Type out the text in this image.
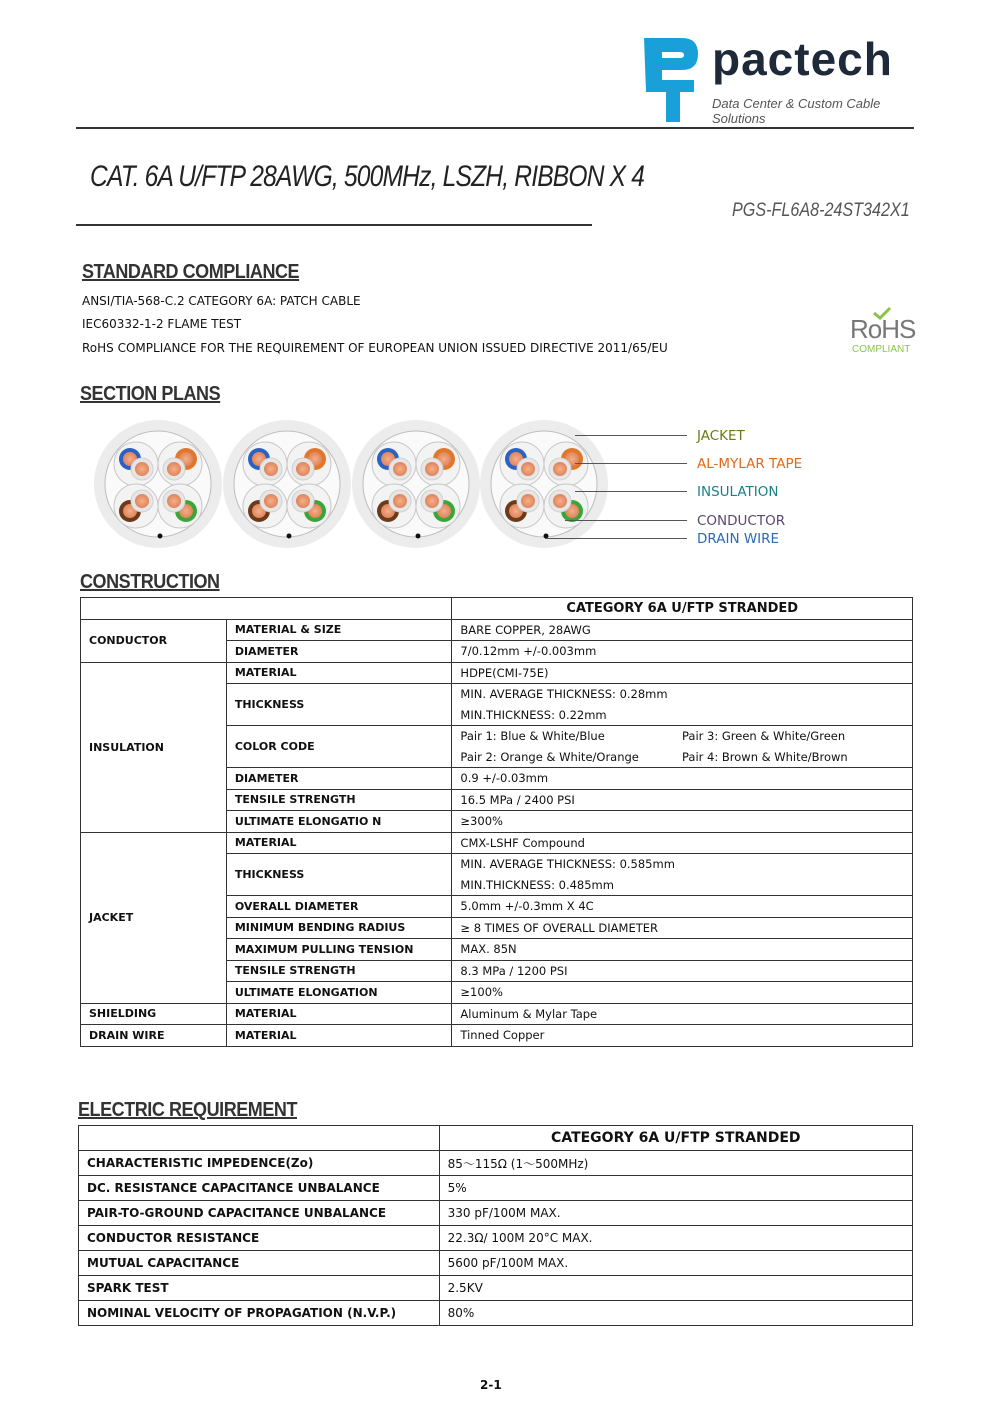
pactech
Data Center & Custom Cable Solutions
CAT. 6A U/FTP 28AWG, 500MHz, LSZH, RIBBON X 4
PGS-FL6A8-24ST342X1
STANDARD COMPLIANCE
ANSI/TIA-568-C.2 CATEGORY 6A: PATCH CABLE
IEC60332-1-2 FLAME TEST
RoHS COMPLIANCE FOR THE REQUIREMENT OF EUROPEAN UNION ISSUED DIRECTIVE 2011/65/EU
RoHS
COMPLIANT
SECTION PLANS
JACKET
AL-MYLAR TAPE
INSULATION
CONDUCTOR
DRAIN WIRE
CONSTRUCTION
		CATEGORY 6A U/FTP STRANDED
CONDUCTOR	MATERIAL & SIZE	BARE COPPER, 28AWG
	DIAMETER	7/0.12mm +/-0.003mm
INSULATION	MATERIAL	HDPE(CMI-75E)
	THICKNESS	MIN. AVERAGE THICKNESS: 0.28mm
		MIN.THICKNESS: 0.22mm
	COLOR CODE	Pair 1: Blue & White/Blue Pair 3: Green & White/Green

		Pair 2: Orange & White/Orange Pair 4: Brown & White/Brown

	DIAMETER	0.9 +/-0.03mm
	TENSILE STRENGTH	16.5 MPa / 2400 PSI
	ULTIMATE ELONGATIO N	≥300%
JACKET	MATERIAL	CMX-LSHF Compound
	THICKNESS	MIN. AVERAGE THICKNESS: 0.585mm
		MIN.THICKNESS: 0.485mm
	OVERALL DIAMETER	5.0mm +/-0.3mm X 4C
	MINIMUM BENDING RADIUS	≥ 8 TIMES OF OVERALL DIAMETER
	MAXIMUM PULLING TENSION	MAX. 85N
	TENSILE STRENGTH	8.3 MPa / 1200 PSI
	ULTIMATE ELONGATION	≥100%
SHIELDING	MATERIAL	Aluminum & Mylar Tape
DRAIN WIRE	MATERIAL	Tinned Copper
ELECTRIC REQUIREMENT
	CATEGORY 6A U/FTP STRANDED
CHARACTERISTIC IMPEDENCE(Zo)	85～115Ω (1～500MHz)
DC. RESISTANCE CAPACITANCE UNBALANCE	5%
PAIR-TO-GROUND CAPACITANCE UNBALANCE	330 pF/100M MAX.
CONDUCTOR RESISTANCE	22.3Ω/ 100M 20°C MAX.
MUTUAL CAPACITANCE	5600 pF/100M MAX.
SPARK TEST	2.5KV
NOMINAL VELOCITY OF PROPAGATION (N.V.P.)	80%
2-1
